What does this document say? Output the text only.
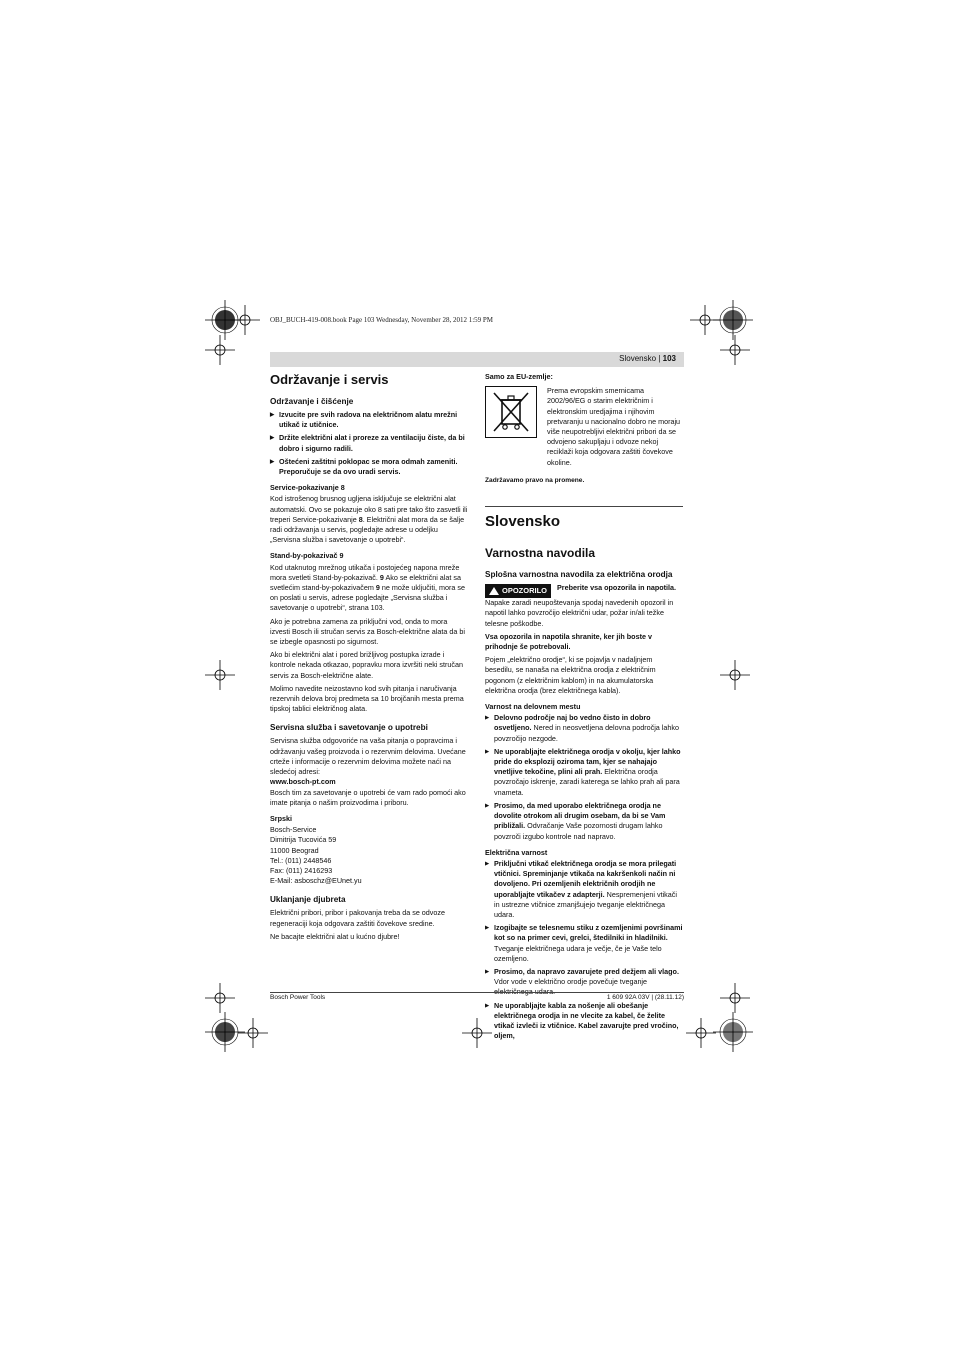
OBJ_BUCH-419-008.book Page 103 Wednesday, November 28, 2012 1:59 PM
Slovensko | 103
Održavanje i servis
Održavanje i čišćenje
▶ Izvucite pre svih radova na električnom alatu mrežni utikač iz utičnice.
▶ Držite električni alat i proreze za ventilaciju čiste, da bi dobro i sigurno radili.
▶ Oštećeni zaštitni poklopac se mora odmah zameniti. Preporučuje se da ovo uradi servis.
Service-pokazivanje 8

Kod istrošenog brusnog ugljena isključuje se električni alat automatski. Ovo se pokazuje oko 8 sati pre tako što zasvetli ili treperi Service-pokazivanje 8. Električni alat mora da se šalje radi održavanja u servis, pogledajte adrese u odeljku „Servisna služba i savetovanje o upotrebi“.

Stand-by-pokazivač 9

Kod utaknutog mrežnog utikača i postojećeg napona mreže mora svetleti Stand-by-pokazivač. 9 Ako se električni alat sa svetlećim stand-by-pokazivačem 9 ne može uključiti, mora se on poslati u servis, adrese pogledajte „Servisna služba i savetovanje o upotrebi“, strana 103.

Ako je potrebna zamena za priključni vod, onda to mora izvesti Bosch ili stručan servis za Bosch-električne alata da bi se izbegle opasnosti po sigurnost.

Ako bi električni alat i pored brižljivog postupka izrade i kontrole nekada otkazao, popravku mora izvršiti neki stručan servis za Bosch-električne alate.

Molimo navedite neizostavno kod svih pitanja i naručivanja rezervnih delova broj predmeta sa 10 brojčanih mesta prema tipskoj tablici električnog alata.

Servisna služba i savetovanje o upotrebi

Servisna služba odgovoriće na vaša pitanja o popravcima i održavanju vašeg proizvoda i o rezervnim delovima. Uvećane crteže i informacije o rezervnim delovima možete naći na sledećoj adresi:

www.bosch-pt.com

Bosch tim za savetovanje o upotrebi će vam rado pomoći ako imate pitanja o našim proizvodima i priboru.

Srpski
Bosch-Service
Dimitrija Tucovića 59
11000 Beograd
Tel.: (011) 2448546
Fax: (011) 2416293
E-Mail: asboschz@EUnet.yu
Uklanjanje djubreta

Električni pribori, pribor i pakovanja treba da se odvoze regeneraciji koja odgovara zaštiti čovekove sredine.

Ne bacajte električni alat u kućno djubre!

Samo za EU-zemlje:
Prema evropskim smernicama 2002/96/EG o starim električnim i elektronskim uredjajima i njihovim pretvaranju u nacionalno dobro ne moraju više neupotrebljivi električni pribori da se odvojeno sakupljaju i odvoze nekoj reciklaži koja odgovara zaštiti čovekove okoline.

Zadržavamo pravo na promene.

Slovensko
Varnostna navodila
Splošna varnostna navodila za električna orodja
OPOZORILO Preberite vsa opozorila in napotila.

Napake zaradi neupoštevanja spodaj navedenih opozoril in napotil lahko povzročijo električni udar, požar in/ali težke telesne poškodbe.

Vsa opozorila in napotila shranite, ker jih boste v prihodnje še potrebovali.

Pojem „električno orodje“, ki se pojavlja v nadaljnjem besedilu, se nanaša na električna orodja z električnim pogonom (z električnim kablom) in na akumulatorska električna orodja (brez električnega kabla).

Varnost na delovnem mestu
▶ Delovno področje naj bo vedno čisto in dobro osvetljeno. Nered in neosvetljena delovna področja lahko povzročijo nezgode.
▶ Ne uporabljajte električnega orodja v okolju, kjer lahko pride do eksplozij oziroma tam, kjer se nahajajo vnetljive tekočine, plini ali prah. Električna orodja povzročajo iskrenje, zaradi katerega se lahko prah ali para vnameta.
▶ Prosimo, da med uporabo električnega orodja ne dovolite otrokom ali drugim osebam, da bi se Vam približali. Odvračanje Vaše pozornosti drugam lahko povzroči izgubo kontrole nad napravo.
Električna varnost
▶ Priključni vtikač električnega orodja se mora prilegati vtičnici. Spreminjanje vtikača na kakršenkoli način ni dovoljeno. Pri ozemljenih električnih orodjih ne uporabljajte vtikačev z adapterji. Nespremenjeni vtikači in ustrezne vtičnice zmanjšujejo tveganje električnega udara.
▶ Izogibajte se telesnemu stiku z ozemljenimi površinami kot so na primer cevi, grelci, štedilniki in hladilniki. Tveganje električnega udara je večje, če je Vaše telo ozemljeno.
▶ Prosimo, da napravo zavarujete pred dežjem ali vlago. Vdor vode v električno orodje povečuje tveganje električnega udara.
▶ Ne uporabljajte kabla za nošenje ali obešanje električnega orodja in ne vlecite za kabel, če želite vtikač izvleči iz vtičnice. Kabel zavarujte pred vročino, oljem,
Bosch Power Tools	1 609 92A 03V | (28.11.12)
